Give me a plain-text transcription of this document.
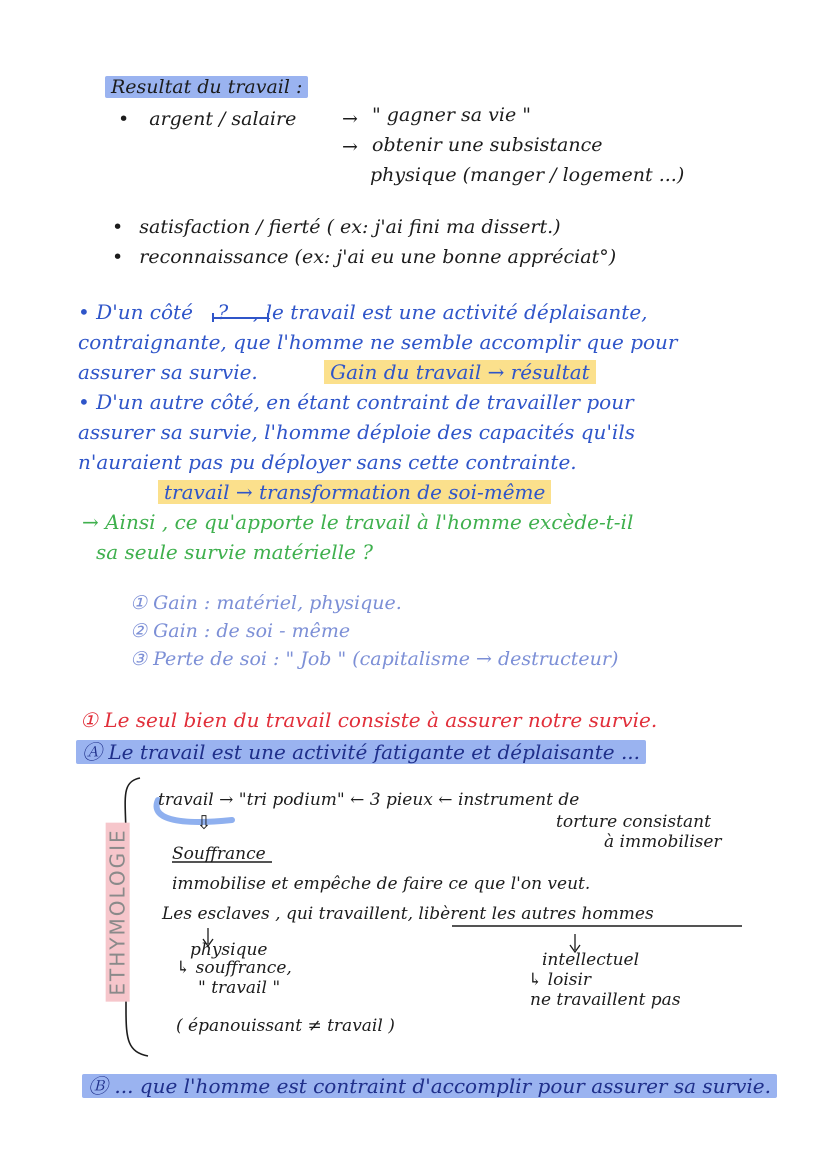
Resultat du travail :
• argent / salaire → " gagner sa vie "
→ obtenir une subsistance
physique (manger / logement ...)
• satisfaction / fierté ( ex: j'ai fini ma dissert.)
• reconnaissance (ex: j'ai eu une bonne appréciat°)
• D'un côté ? , le travail est une activité déplaisante,
contraignante, que l'homme ne semble accomplir que pour
assurer sa survie.	Gain du travail → résultat
• D'un autre côté, en étant contraint de travailler pour
assurer sa survie, l'homme déploie des capacités qu'ils
n'auraient pas pu déployer sans cette contrainte.
travail → transformation de soi-même
→ Ainsi , ce qu'apporte le travail à l'homme excède-t-il
sa seule survie matérielle ?
① Gain : matériel, physique.
② Gain : de soi - même
③ Perte de soi : " Job " (capitalisme → destructeur)
① Le seul bien du travail consiste à assurer notre survie.
Ⓐ Le travail est une activité fatigante et déplaisante ...
ETHYMOLOGIE
travail → "tri podium" ← 3 pieux ← instrument de
torture consistant
à immobiliser
⇩
Souffrance
immobilise et empêche de faire ce que l'on veut.
Les esclaves , qui travaillent, libèrent les autres hommes
physique
↳ souffrance,
" travail "
intellectuel
↳ loisir
ne travaillent pas
( épanouissant ≠ travail )
Ⓑ ... que l'homme est contraint d'accomplir pour assurer sa survie.
